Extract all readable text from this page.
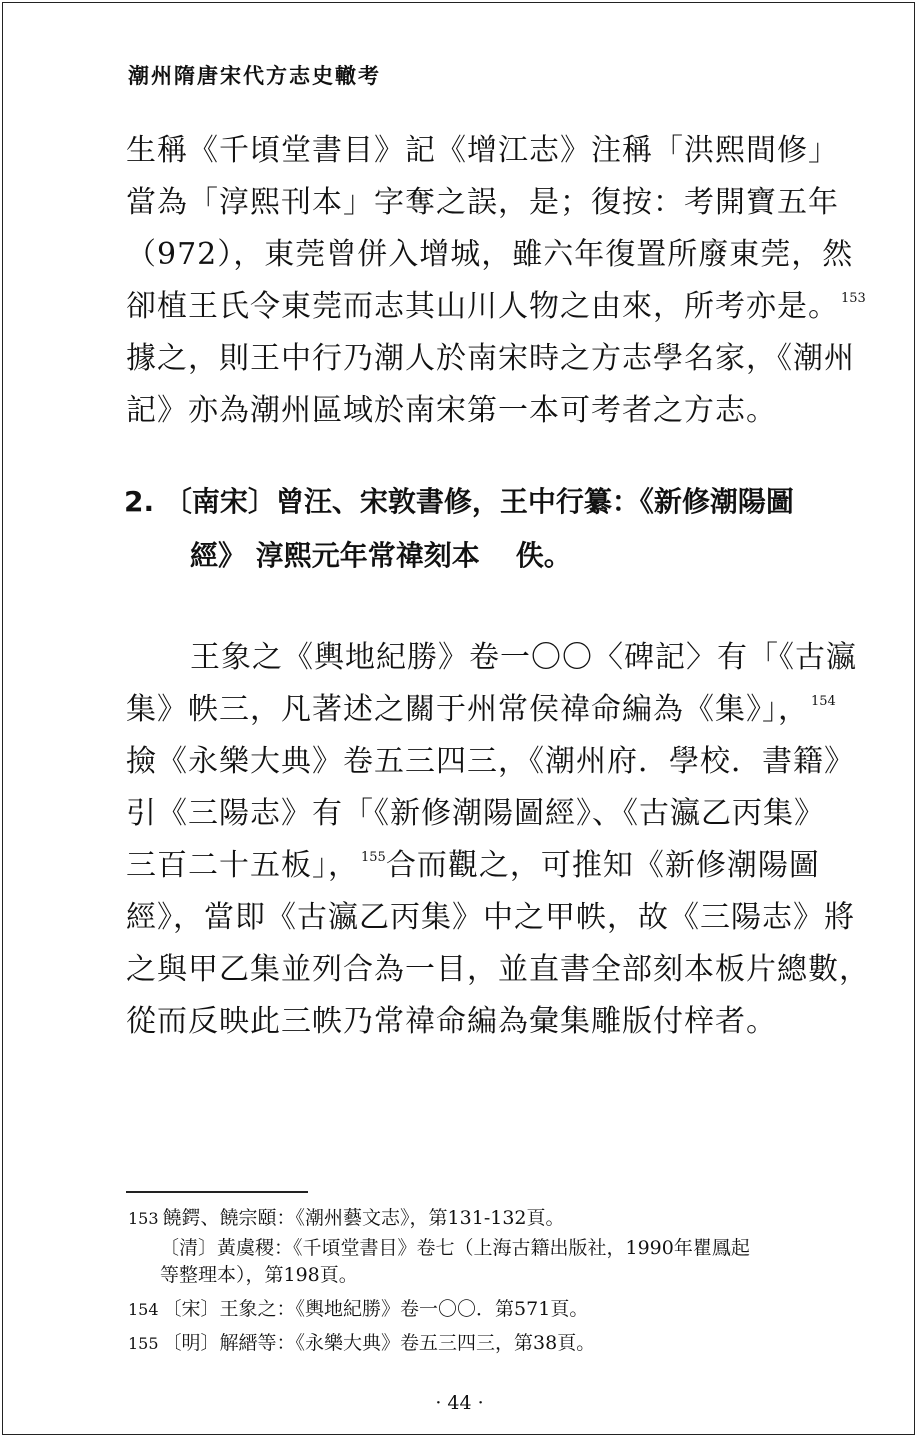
潮州隋唐宋代方志史轍考

生稱《千頃堂書目》記《增江志》注稱「洪熙間修」

當為「淳熙刊本」字奪之誤，是；復按：考開寶五年

（972），東莞曾併入增城，雖六年復置所廢東莞，然

卻植王氏令東莞而志其山川人物之由來，所考亦是。 $^{153}$

據之，則王中行乃潮人於南宋時之方志學名家，《潮州

記》亦為潮州區域於南宋第一本可考者之方志。

2. 〔南宋〕曾汪、宋敦書修，王中行纂：《新修潮陽圖

經》 淳熙元年常禕刻本 佚。

王象之《輿地紀勝》卷一〇〇〈碑記〉有「《古瀛

集》帙三，凡著述之關于州常侯禕命編為《集》」， $^{154}$

撿《永樂大典》卷五三四三，《潮州府．學校．書籍》

引《三陽志》有「《新修潮陽圖經》、《古瀛乙丙集》

三百二十五板」， $^{155}$合而觀之，可推知《新修潮陽圖

經》，當即《古瀛乙丙集》中之甲帙，故《三陽志》將

之與甲乙集並列合為一目，並直書全部刻本板片總數，

從而反映此三帙乃常禕命編為彙集雕版付梓者。

153 饒鍔、饒宗頤：《潮州藝文志》，第131-132頁。

〔清〕黃虞稷：《千頃堂書目》卷七（上海古籍出版社，1990年瞿鳳起

等整理本），第198頁。

154 〔宋〕王象之：《輿地紀勝》卷一〇〇．第571頁。

155 〔明〕解縉等：《永樂大典》卷五三四三，第38頁。

· 44 ·
